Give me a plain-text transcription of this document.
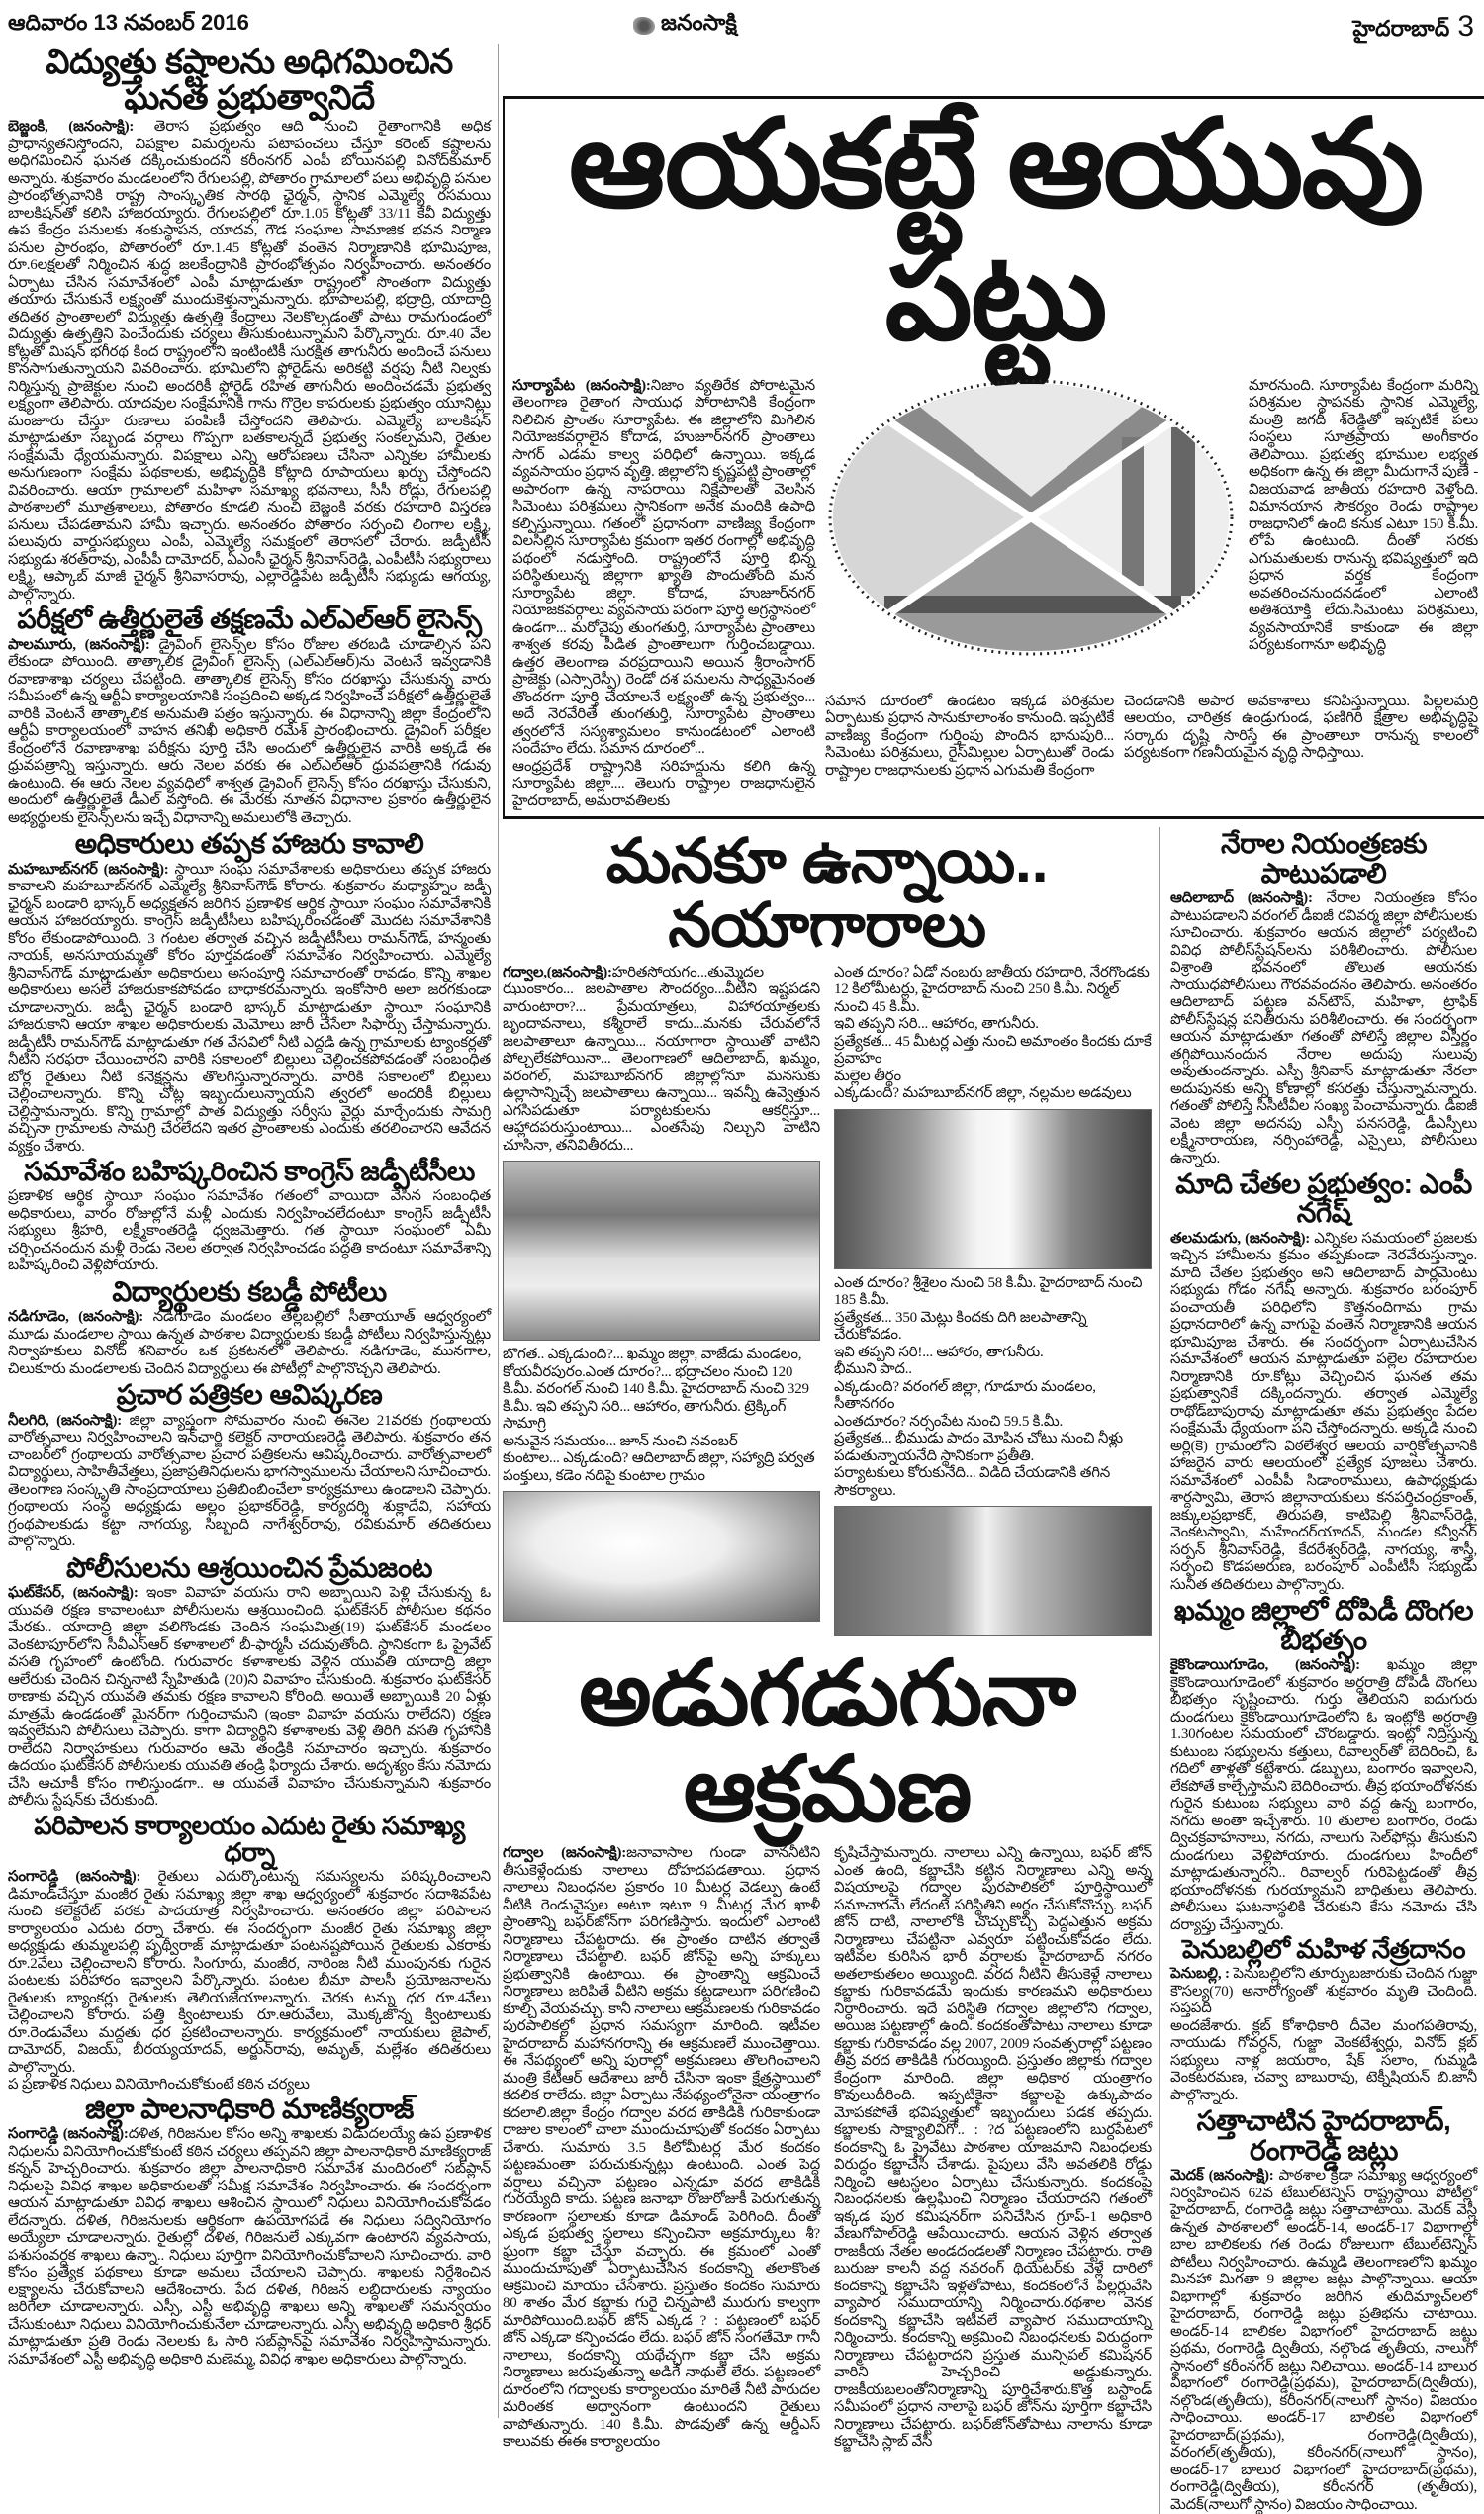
ఆదివారం 13 నవంబర్ 2016	జనంసాక్షి	హైదరాబాద్ 3
విద్యుత్తు కష్టాలను అధిగమించిన ఘనత ప్రభుత్వానిదే

బెజ్జంకి, (జనంసాక్షి): తెరాస ప్రభుత్వం ఆది నుంచి రైతాంగానికి అధిక ప్రాధాన్యతనిస్తోందని, విపక్షాల విమర్శలను పటాపంచలు చేస్తూ కరెంట్ కష్టాలను అధిగమించిన ఘనత దక్కించుకుందని కరీంనగర్ ఎంపీ బోయినపల్లి వినోద్‌కుమార్ అన్నారు. శుక్రవారం మండలంలోని రేగులపల్లి, పోతారం గ్రామాలలో పలు అభివృద్ధి పనుల ప్రారంభోత్సవానికి రాష్ట్ర సాంస్కృతిక సారథి ఛైర్మన్, స్థానిక ఎమ్మెల్యే రసమయి బాలకిషన్‌తో కలిసి హాజరయ్యారు. రేగులపల్లిలో రూ.1.05 కోట్లతో 33/11 కేవీ విద్యుత్తు ఉప కేంద్రం పనులకు శంకుస్థాపన, యాదవ, గౌడ సంఘాల సామాజిక భవన నిర్మాణ పనుల ప్రారంభం, పోతారంలో రూ.1.45 కోట్లతో వంతెన నిర్మాణానికి భూమిపూజ, రూ.6లక్షలతో నిర్మించిన శుద్ధ జలకేంద్రానికి ప్రారంభోత్సవం నిర్వహించారు. అనంతరం ఏర్పాటు చేసిన సమావేశంలో ఎంపీ మాట్లాడుతూ రాష్ట్రంలో సొంతంగా విద్యుత్తు తయారు చేసుకునే లక్ష్యంతో ముందుకెళ్తున్నామన్నారు. భూపాలపల్లి, భద్రాద్రి, యాదాద్రి తదితర ప్రాంతాలలో విద్యుత్తు ఉత్పత్తి కేంద్రాలు నెలకొల్పడంతో పాటు రామగుండంలో విద్యుత్తు ఉత్పత్తిని పెంచేందుకు చర్యలు తీసుకుంటున్నామని పేర్కొన్నారు. రూ.40 వేల కోట్లతో మిషన్ భగీరథ కింద రాష్ట్రంలోని ఇంటింటికీ సురక్షిత తాగునీరు అందించే పనులు కొనసాగుతున్నాయని వివరించారు. భూమిలోని ఫ్లోరైడ్‌ను అరికట్టి వర్షపు నీటి నిల్వకు నిర్మిస్తున్న ప్రాజెక్టుల నుంచి అందరికీ ఫ్లోరైడ్ రహిత తాగునీరు అందించడమే ప్రభుత్వ లక్ష్యంగా తెలిపారు. యాదవుల సంక్షేమానికి గాను గొర్రెల కాపరులకు ప్రభుత్వం యూనిట్లు మంజూరు చేస్తూ రుణాలు పంపిణీ చేస్తోందని తెలిపారు. ఎమ్మెల్యే బాలకిషన్ మాట్లాడుతూ సబ్బండ వర్గాలు గొప్పగా బతకాలన్నదే ప్రభుత్వ సంకల్పమని, రైతుల సంక్షేమమే ధ్యేయమన్నారు. విపక్షాలు ఎన్ని ఆరోపణలు చేసినా ఎన్నికల హామీలకు అనుగుణంగా సంక్షేమ పథకాలకు, అభివృద్ధికి కోట్లాది రూపాయలు ఖర్చు చేస్తోందని వివరించారు. ఆయా గ్రామాలలో మహిళా సమాఖ్య భవనాలు, సీసీ రోడ్లు, రేగులపల్లి పాఠశాలలో మూత్రశాలలు, పోతారం కూడలి నుంచి బెజ్జంకి వరకు రహదారి విస్తరణ పనులు చేపడతామని హామీ ఇచ్చారు. అనంతరం పోతారం సర్పంచి లింగాల లక్ష్మి, పలువురు వార్డుసభ్యులు ఎంపీ, ఎమ్మెల్యే సమక్షంలో తెరాసలో చేరారు. జడ్పీటీసీ సభ్యుడు శరత్‌రావు, ఎంపీపీ దామోదర్, ఏఎంసీ ఛైర్మన్ శ్రీనివాస్‌రెడ్డి, ఎంపీటీసీ సభ్యురాలు లక్ష్మి, ఆప్కాబ్ మాజీ ఛైర్మన్ శ్రీనివాసరావు, ఎల్లారెడ్డిపేట జడ్పీటీసీ సభ్యుడు ఆగయ్య, పాల్గొన్నారు.

పరీక్షలో ఉత్తీర్ణులైతే తక్షణమే ఎల్‌ఎల్‌ఆర్ లైసెన్స్

పాలమూరు, (జనంసాక్షి): డ్రైవింగ్ లైసెన్స్‌ల కోసం రోజుల తరబడి చూడాల్సిన పని లేకుండా పోయింది. తాత్కాలిక డ్రైవింగ్ లైసెన్స్ (ఎల్‌ఎల్‌ఆర్)ను వెంటనే ఇవ్వడానికి రవాణాశాఖ చర్యలు చేపట్టింది. తాత్కాలిక లైసెన్స్ కోసం దరఖాస్తు చేసుకున్న వారు సమీపంలో ఉన్న ఆర్టీఏ కార్యాలయానికి సంప్రదించి అక్కడ నిర్వహించే పరీక్షలో ఉత్తీర్ణులైతే వారికి వెంటనే తాత్కాలిక అనుమతి పత్రం ఇస్తున్నారు. ఈ విధానాన్ని జిల్లా కేంద్రంలోని ఆర్టీఏ కార్యాలయంలో వాహన తనిఖీ అధికారి రమేశ్ ప్రారంభించారు. డ్రైవింగ్ పరీక్షల కేంద్రంలోనే రవాణాశాఖ పరీక్షను పూర్తి చేసి అందులో ఉత్తీర్ణులైన వారికి అక్కడే ఈ ధ్రువపత్రాన్ని ఇస్తున్నారు. ఆరు నెలల వరకు ఈ ఎల్‌ఎల్‌ఆర్ ధ్రువపత్రానికి గడువు ఉంటుంది. ఈ ఆరు నెలల వ్యవధిలో శాశ్వత డ్రైవింగ్ లైసెన్స్ కోసం దరఖాస్తు చేసుకుని, అందులో ఉత్తీర్ణులైతే డీఎల్ వస్తోంది. ఈ మేరకు నూతన విధానాల ప్రకారం ఉత్తీర్ణులైన అభ్యర్థులకు లైసెన్స్‌లను ఇచ్చే విధానాన్ని అమలులోకి తెచ్చారు.

అధికారులు తప్పక హాజరు కావాలి

మహబూబ్‌నగర్ (జనంసాక్షి): స్థాయీ సంఘ సమావేశాలకు అధికారులు తప్పక హాజరు కావాలని మహబూబ్‌నగర్ ఎమ్మెల్యే శ్రీనివాస్‌గౌడ్ కోరారు. శుక్రవారం మధ్యాహ్నం జడ్పీ ఛైర్మన్ బండారి భాస్కర్ అధ్యక్షతన జరిగిన ప్రణాళిక ఆర్థిక స్థాయీ సంఘం సమావేశానికి ఆయన హాజరయ్యారు. కాంగ్రెస్ జడ్పీటీసీలు బహిష్కరించడంతో మొదట సమావేశానికి కోరం లేకుండాపోయింది. 3 గంటల తర్వాత వచ్చిన జడ్పీటీసీలు రామన్‌గౌడ్, హన్మంతు నాయక్, అనసూయమ్మతో కోరం పూర్తవడంతో సమావేశం నిర్వహించారు. ఎమ్మెల్యే శ్రీనివాస్‌గౌడ్ మాట్లాడుతూ అధికారులు అసంపూర్తి సమాచారంతో రావడం, కొన్ని శాఖల అధికారులు అసలే హాజరుకాకపోవడం బాధాకరమన్నారు. ఇంకోసారి అలా జరగకుండా చూడాలన్నారు. జడ్పీ ఛైర్మన్ బండారి భాస్కర్ మాట్లాడుతూ స్థాయీ సంఘానికి హాజరుకాని ఆయా శాఖల అధికారులకు మెమోలు జారీ చేసేలా సిఫార్సు చేస్తామన్నారు. జడ్పీటీసీ రామన్‌గౌడ్ మాట్లాడుతూ గత వేసవిలో నీటి ఎద్దడి ఉన్న గ్రామాలకు ట్యాంకర్లతో నీటిని సరఫరా చేయించారని వారికి సకాలంలో బిల్లులు చెల్లించకపోవడంతో సంబంధిత బోర్ల రైతులు నీటి కనెక్షన్లను తొలగిస్తున్నారన్నారు. వారికి సకాలంలో బిల్లులు చెల్లించాలన్నారు. కొన్ని చోట్ల ఇబ్బందులున్నాయని త్వరలో అందరికీ బిల్లులు చెల్లిస్తామన్నారు. కొన్ని గ్రామాల్లో పాత విద్యుత్తు సర్వీసు వైర్లు మార్చేందుకు సామగ్రి వచ్చినా గ్రామాలకు సామగ్రి చేరలేదని ఇతర ప్రాంతాలకు ఎందుకు తరలించారని ఆవేదన వ్యక్తం చేశారు.

సమావేశం బహిష్కరించిన కాంగ్రెస్ జడ్పీటీసీలు

ప్రణాళిక ఆర్థిక స్థాయీ సంఘం సమావేశం గతంలో వాయిదా వేసిన సంబంధిత అధికారులు, వారం రోజుల్లోనే మళ్లీ ఎందుకు నిర్వహించలేదంటూ కాంగ్రెస్ జడ్పీటీసీ సభ్యులు శ్రీహరి, లక్ష్మీకాంతరెడ్డి ధ్వజమెత్తారు. గత స్థాయీ సంఘంలో ఏమీ చర్చించనందున మళ్లీ రెండు నెలల తర్వాత నిర్వహించడం పద్ధతి కాదంటూ సమావేశాన్ని బహిష్కరించి వెళ్లిపోయారు.

విద్యార్థులకు కబడ్డీ పోటీలు

నడిగూడెం, (జనంసాక్షి): నడిగూడెం మండలం తెల్లబల్లిలో సీతాయూత్ ఆధ్వర్యంలో మూడు మండలాల స్థాయి ఉన్నత పాఠశాల విద్యార్థులకు కబడ్డీ పోటీలు నిర్వహిస్తున్నట్లు నిర్వాహకులు వినోద్ శనివారం ఒక ప్రకటనలో తెలిపారు. నడిగూడెం, మునగాల, చిలుకూరు మండలాలకు చెందిన విద్యార్థులు ఈ పోటీల్లో పాల్గొనొచ్చని తెలిపారు.

ప్రచార పత్రికల ఆవిష్కరణ

నీలగిరి, (జనంసాక్షి): జిల్లా వ్యాప్తంగా సోమవారం నుంచి ఈనెల 21వరకు గ్రంథాలయ వారోత్సవాలు నిర్వహించాలని ఇన్‌ఛార్జి కలెక్టర్ నారాయణరెడ్డి తెలిపారు. శుక్రవారం తన చాంబర్‌లో గ్రంథాలయ వారోత్సవాల ప్రచార పత్రికలను ఆవిష్కరించారు. వారోత్సవాలలో విద్యార్థులు, సాహితీవేత్తలు, ప్రజాప్రతినిధులను భాగస్వాములను చేయాలని సూచించారు. తెలంగాణ సంస్కృతి సాంప్రదాయాలు ప్రతిబింబించేలా కార్యక్రమాలు ఉండాలని చెప్పారు. గ్రంథాలయ సంస్థ అధ్యక్షుడు అల్లం ప్రభాకర్‌రెడ్డి, కార్యదర్శి శుక్లాదేవి, సహాయ గ్రంథపాలకుడు కట్టా నాగయ్య, సిబ్బంది నాగేశ్వర్‌రావు, రవికుమార్ తదితరులు పాల్గొన్నారు.

పోలీసులను ఆశ్రయించిన ప్రేమజంట

ఘట్‌కేసర్, (జనంసాక్షి): ఇంకా వివాహ వయసు రాని అబ్బాయిని పెళ్లి చేసుకున్న ఓ యువతి రక్షణ కావాలంటూ పోలీసులను ఆశ్రయించింది. ఘట్‌కేసర్ పోలీసుల కథనం మేరకు.. యాదాద్రి జిల్లా వలిగొండకు చెందిన సంఘమిత్ర(19) ఘట్‌కేసర్ మండలం వెంకటాపూర్‌లోని సీవీఎస్‌ఆర్ కళాశాలలో బీ-ఫార్మసీ చదువుతోంది. స్థానికంగా ఓ ప్రైవేట్ వసతి గృహంలో ఉంటోంది. గురువారం కళాశాలకు వెళ్లిన యువతి యాదాద్రి జిల్లా ఆలేరుకు చెందిన చిన్ననాటి స్నేహితుడి (20)ని వివాహం చేసుకుంది. శుక్రవారం ఘట్‌కేసర్ ఠాణాకు వచ్చిన యువతి తమకు రక్షణ కావాలని కోరింది. అయితే అబ్బాయికి 20 ఏళ్లు మాత్రమే ఉండడంతో మైనర్‌గా గుర్తించామని (ఇంకా వివాహ వయసు రాలేదని) రక్షణ ఇవ్వలేమని పోలీసులు చెప్పారు. కాగా విద్యార్థిని కళాశాలకు వెళ్లి తిరిగి వసతి గృహానికి రాలేదని నిర్వాహకులు గురువారం ఆమె తండ్రికి సమాచారం ఇచ్చారు. శుక్రవారం ఉదయం ఘట్‌కేసర్ పోలీసులకు యువతి తండ్రి ఫిర్యాదు చేశారు. అదృశ్యం కేసు నమోదు చేసి ఆచూకీ కోసం గాలిస్తుండగా.. ఆ యువతే వివాహం చేసుకున్నామని శుక్రవారం పోలీసు స్టేషన్‌కు చేరుకుంది.

పరిపాలన కార్యాలయం ఎదుట రైతు సమాఖ్య ధర్నా

సంగారెడ్డి (జనంసాక్షి): రైతులు ఎదుర్కొంటున్న సమస్యలను పరిష్కరించాలని డిమాండ్‌చేస్తూ మంజీర రైతు సమాఖ్య జిల్లా శాఖ ఆధ్వర్యంలో శుక్రవారం సదాశివపేట నుంచి కలెక్టరేట్ వరకు పాదయాత్ర నిర్వహించారు. అనంతరం జిల్లా పరిపాలన కార్యాలయం ఎదుట ధర్నా చేశారు. ఈ సందర్భంగా మంజీర రైతు సమాఖ్య జిల్లా అధ్యక్షుడు తుమ్మలపల్లి పృథ్వీరాజ్ మాట్లాడుతూ పంటనష్టపోయిన రైతులకు ఎకరాకు రూ.2వేలు చెల్లించాలని కోరారు. సింగూరు, మంజీర, నారింజ నీటి ముంపునకు గురైన పంటలకు పరిహారం ఇవ్వాలని పేర్కొన్నారు. పంటల బీమా పాలసీ ప్రయోజనాలను రైతులకు బ్యాంకర్లు రైతులకు తెలియజేయాలన్నారు. చెరకు టన్ను ధర రూ.4వేలు చెల్లించాలని కోరారు. పత్తి క్వింటాలుకు రూ.ఆరువేలు, మొక్కజొన్న క్వింటాలుకు రూ.రెండువేలు మద్దతు ధర ప్రకటించాలన్నారు. కార్యక్రమంలో నాయకులు జైపాల్, దామోదర్, విజయ్, బీరయ్యయాదవ్, అర్జున్‌రావు, అమృత్, మల్లేశం తదితరులు పాల్గొన్నారు.

ప ప్రణాళిక నిధులు వినియోగించుకోకుంటే కఠిన చర్యలు

జిల్లా పాలనాధికారి మాణిక్యరాజ్

సంగారెడ్డి (జనంసాక్షి):దళిత, గిరిజనుల కోసం అన్ని శాఖలకు విడుదలయ్యే ఉప ప్రణాళిక నిధులను వినియోగించుకోకుంటే కఠిన చర్యలు తప్పవని జిల్లా పాలనాధికారి మాణిక్యరాజ్ కన్నన్ హెచ్చరించారు. శుక్రవారం జిల్లా పాలనాధికారి సమావేశ మందిరంలో సబ్‌ప్లాన్ నిధులపై వివిధ శాఖల అధికారులతో సమీక్ష సమావేశం నిర్వహించారు. ఈ సందర్భంగా ఆయన మాట్లాడుతూ వివిధ శాఖలు ఆశించిన స్థాయిలో నిధులు వినియోగించుకోవడం లేదన్నారు. దళిత, గిరిజనులకు ఆర్థికంగా ఉపయోగపడే ఈ నిధులు సద్వినియోగం అయ్యేలా చూడాలన్నారు. రైతుల్లో దళిత, గిరిజనులే ఎక్కువగా ఉంటారని వ్యవసాయ, పశుసంవర్ధక శాఖలు ఉన్నా.. నిధులు పూర్తిగా వినియోగించుకోవాలని సూచించారు. వారి కోసం ప్రత్యేక పథకాలు కూడా అమలు చేయాలని చెప్పారు. శాఖలకు నిర్దేశించిన లక్ష్యాలను చేరుకోవాలని ఆదేశించారు. పేద దళిత, గిరిజన లబ్ధిదారులకు న్యాయం జరిగేలా చూడాలన్నారు. ఎస్సీ, ఎస్టీ అభివృద్ధి శాఖలు అన్ని శాఖలతో సమన్వయం చేసుకుంటూ నిధులు వినియోగించుకునేలా చూడాలన్నారు. ఎస్సీ అభివృద్ధి అధికారి శ్రీధర్ మాట్లాడుతూ ప్రతి రెండు నెలలకు ఓ సారి సబ్‌ప్లాన్‌పై సమావేశం నిర్వహిస్తామన్నారు. సమావేశంలో ఎస్టీ అభివృద్ధి అధికారి మణెమ్మ, వివిధ శాఖల అధికారులు పాల్గొన్నారు.

ఆయకట్టే ఆయువు పట్టు

సూర్యాపేట (జనంసాక్షి):నిజాం వ్యతిరేక పోరాటమైన తెలంగాణ రైతాంగ సాయుధ పోరాటానికి కేంద్రంగా నిలిచిన ప్రాంతం సూర్యాపేట. ఈ జిల్లాలోని మిగిలిన నియోజకవర్గాలైన కోదాడ, హుజూర్‌నగర్ ప్రాంతాలు సాగర్ ఎడమ కాల్వ పరిధిలో ఉన్నాయి. ఇక్కడ వ్యవసాయం ప్రధాన వృత్తి. జిల్లాలోని కృష్ణపట్టి ప్రాంతాల్లో అపారంగా ఉన్న నాపరాయి నిక్షేపాలతో వెలసిన సిమెంటు పరిశ్రమలు స్థానికంగా అనేక మందికి ఉపాధి కల్పిస్తున్నాయి. గతంలో ప్రధానంగా వాణిజ్య కేంద్రంగా విలసిల్లిన సూర్యాపేట క్రమంగా ఇతర రంగాల్లో అభివృద్ధి పథంలో నడుస్తోంది. రాష్ట్రంలోనే పూర్తి భిన్న పరిస్థితులున్న జిల్లాగా ఖ్యాతి పొందుతోంది మన సూర్యాపేట జిల్లా. కోదాడ, హుజూర్‌నగర్ నియోజకవర్గాలు వ్యవసాయ పరంగా పూర్తి అగ్రస్థానంలో ఉండగా... మరోవైపు తుంగతుర్తి, సూర్యాపేట ప్రాంతాలు శాశ్వత కరవు పీడిత ప్రాంతాలుగా గుర్తించబడ్డాయి. ఉత్తర తెలంగాణ వరప్రదాయిని అయిన శ్రీరాంసాగర్ ప్రాజెక్టు (ఎస్సారెస్పీ) రెండో దశ పనులను సాధ్యమైనంత తొందరగా పూర్తి చేయాలనే లక్ష్యంతో ఉన్న ప్రభుత్వం... అదే నెరవేరితే తుంగతుర్తి, సూర్యాపేట ప్రాంతాలు త్వరలోనే సస్యశ్యామలం కానుండటంలో ఎలాంటి సందేహం లేదు. సమాన దూరంలో...

ఆంధ్రప్రదేశ్ రాష్ట్రానికి సరిహద్దును కలిగి ఉన్న సూర్యాపేట జిల్లా.... తెలుగు రాష్ట్రాల రాజధానులైన హైదరాబాద్, అమరావతిలకు

మారనుంది. సూర్యాపేట కేంద్రంగా మరిన్ని పరిశ్రమల స్థాపనకు స్థానిక ఎమ్మెల్యే, మంత్రి జగదీ శ్‌రెడ్డితో ఇప్పటికే పలు సంస్థలు సూత్రప్రాయ అంగీకారం తెలిపాయి. ప్రభుత్వ భూముల లభ్యత అధికంగా ఉన్న ఈ జిల్లా మీదుగానే పుణే - విజయవాడ జాతీయ రహదారి వెళ్తోంది. విమానయాన సౌకర్యం రెండు రాష్ట్రాల రాజధానిలో ఉంది కనుక ఎటూ 150 కి.మీ. లోపే ఉంటుంది. దీంతో సరకు ఎగుమతులకు రానున్న భవిష్యత్తులో ఇది ప్రధాన వర్తక కేంద్రంగా అవతరించనుందనడంలో ఎలాంటి అతిశయోక్తి లేదు.సిమెంటు పరిశ్రమలు, వ్యవసాయానికే కాకుండా ఈ జిల్లా పర్యటకంగానూ అభివృద్ధి
సమాన దూరంలో ఉండటం ఇక్కడ పరిశ్రమల ఏర్పాటుకు ప్రధాన సానుకూలాంశం కానుంది. ఇప్పటికే వాణిజ్య కేంద్రంగా గుర్తింపు పొందిన భానుపురి... సిమెంటు పరిశ్రమలు, రైస్‌మిల్లుల ఏర్పాటుతో రెండు రాష్ట్రాల రాజధానులకు ప్రధాన ఎగుమతి కేంద్రంగా
చెందడానికి అపార అవకాశాలు కనిపిస్తున్నాయి. పిల్లలమర్రి ఆలయం, చారిత్రక ఉండ్రుగుండ, ఫణిగిరి క్షేత్రాల అభివృద్ధిపై సర్కారు దృష్టి సారిస్తే ఈ ప్రాంతాలూ రానున్న కాలంలో పర్యటకంగా గణనీయమైన వృద్ధి సాధిస్తాయి.
మనకూ ఉన్నాయి.. నయాగారాలు
గద్వాల,(జనంసాక్షి):హరితసోయగం...తుమ్మెదల ఝుంకారం... జలపాతాల సౌందర్యం...వీటిని ఇష్టపడని వారుంటారా?... ప్రేమయాత్రలు, విహారయాత్రలకు బృందావనాలు, కశ్మీరాలే కాదు...మనకు చేరువలోనే జలపాతాలూ ఉన్నాయి... నయాగారా స్థాయితో వాటిని పోల్చలేకపోయినా... తెలంగాణలో ఆదిలాబాద్, ఖమ్మం, వరంగల్, మహబూబ్‌నగర్ జిల్లాల్లోనూ మనసుకు ఉల్లాసాన్నిచ్చే జలపాతాలు ఉన్నాయి... ఇవన్నీ ఉవ్వెత్తున ఎగసిపడుతూ పర్యాటకులను ఆకర్షిస్తూ... ఆహ్లాదపరుస్తుంటాయి... ఎంతసేపు నిల్చుని వాటిని చూసినా, తనివితీరదు...

బొగత.. ఎక్కడుంది?... ఖమ్మం జిల్లా, వాజేడు మండలం, కోయవీరపురం.ఎంత దూరం?... భద్రాచలం నుంచి 120 కి.మీ. వరంగల్ నుంచి 140 కి.మీ. హైదరాబాద్ నుంచి 329 కి.మీ. ఇవి తప్పని సరి... ఆహారం, తాగునీరు. ట్రెక్కింగ్ సామాగ్రి

అనువైన సమయం... జూన్ నుంచి నవంబర్

కుంటాల... ఎక్కడుంది? ఆదిలాబాద్ జిల్లా, సహ్యాద్రి పర్వత పంక్తులు, కడెం నదిపై కుంటాల గ్రామం

ఎంత దూరం? ఏడో నంబరు జాతీయ రహదారి, నేరగొండకు 12 కిలోమీటర్లు, హైదరాబాద్ నుంచి 250 కి.మీ. నిర్మల్ నుంచి 45 కి.మీ.

ఇవి తప్పని సరి... ఆహారం, తాగునీరు.

ప్రత్యేకత... 45 మీటర్ల ఎత్తు నుంచి అమాంతం కిందకు దూకే ప్రవాహం

మల్లెల తీర్థం

ఎక్కడుంది? మహబూబ్‌నగర్ జిల్లా, నల్లమల అడవులు

ఎంత దూరం? శ్రీశైలం నుంచి 58 కి.మీ. హైదరాబాద్ నుంచి 185 కి.మీ.

ప్రత్యేకత... 350 మెట్లు కిందకు దిగి జలపాతాన్ని చేరుకోవడం.

ఇవి తప్పని సరి!... ఆహారం, తాగునీరు.

భీముని పాద..

ఎక్కడుంది? వరంగల్ జిల్లా, గూడూరు మండలం, సీతానగరం

ఎంతదూరం? నర్సంపేట నుంచి 59.5 కి.మీ.

ప్రత్యేకత... భీముడు పాదం మోపిన చోటు నుంచి నీళ్లు పడుతున్నాయనేది స్థానికంగా ప్రతీతి.

పర్యాటకులు కోరుకునేది... విడిది చేయడానికి తగిన సౌకర్యాలు.

అడుగడుగునా ఆక్రమణ
గద్వాల (జనంసాక్షి):జనావాసాల గుండా వాననీటిని తీసుకెళ్లేందుకు నాలాలు దోహదపడతాయి. ప్రధాన నాలాలు నిబంధనల ప్రకారం 10 మీటర్ల వెడల్పు ఉంటే వీటికి రెండువైపుల అటూ ఇటూ 9 మీటర్ల మేర ఖాళీ ప్రాంతాన్ని బఫర్‌జోన్‌గా పరిగణిస్తారు. ఇందులో ఎలాంటి నిర్మాణాలు చేపట్టరాదు. ఈ ప్రాంతం దాటిన తర్వాతే నిర్మాణాలు చేపట్టాలి. బఫర్ జోన్‌పై అన్ని హక్కులు ప్రభుత్వానికి ఉంటాయి. ఈ ప్రాంతాన్ని ఆక్రమించే నిర్మాణాలు జరిపితే వీటిని అక్రమ కట్టడాలుగా పరిగణించి కూల్చి వేయవచ్చు. కానీ నాలాలు ఆక్రమణలకు గురికావడం పురపాలికల్లో ప్రధాన సమస్యగా మారింది. ఇటీవల హైదరాబాద్ మహానగరాన్ని ఈ ఆక్రమణలే ముంచెత్తాయి. ఈ నేపథ్యంలో అన్ని పురాల్లో అక్రమణలు తొలగించాలని మంత్రి కేటీఆర్ ఆదేశాలు జారీ చేసినా ఇంకా క్షేత్రస్థాయిలో కదలిక రాలేదు. జిల్లా ఏర్పాటు నేపథ్యంలోనైనా యంత్రాగం కదలాలి.జిల్లా కేంద్రం గద్వాల వరద తాకిడికి గురికాకుండా రాజుల కాలంలో చాలా ముందుచూపుతో కందకం ఏర్పాటు చేశారు. సుమారు 3.5 కిలోమీటర్ల మేర కందకం పట్టణమంతా పరుచుకున్నట్లు ఉంటుంది. ఎంత పెద్ద వర్షాలు వచ్చినా పట్టణం ఎన్నడూ వరద తాకిడికి గురయ్యేది కాదు. పట్టణ జనాభా రోజురోజుకీ పెరుగుతున్న కారణంగా స్థలాలకు కూడా డిమాండ్ పెరిగింది. దీంతో ఎక్కడ ప్రభుత్వ స్థలాలు కన్పించినా అక్రమార్కులు శీ?ఘ్రంగా కబ్జా చేస్తూ వచ్చారు. ఈ క్రమంలో ఎంతో ముందుచూపుతో ఏర్పాటుచేసిన కందకాన్ని తలాకొంత ఆక్రమించి మాయం చేసేశారు. ప్రస్తుతం కందకం సుమారు 80 శాతం మేర కబ్జాకు గురై చిన్నపాటి మురుగు కాల్వగా మారిపోయింది.బఫర్ జోన్ ఎక్కడ ? : పట్టణంలో బఫర్ జోన్ ఎక్కడా కన్పించడం లేదు. బఫర్ జోన్ సంగతేమో గానీ నాలాలు, కందకాన్ని యథేచ్ఛగా కబ్జా చేసి అక్రమ నిర్మాణాలు జరుపుతున్నా అడిగే నాథులే లేరు. పట్టణంలో దూరంలోని గద్వాలకు కార్యాలయం మారితే నీటి పారుదల మరింతక అధ్వానంగా ఉంటుందని రైతులు వాపోతున్నారు. 140 కి.మీ. పొడవుతో ఉన్న ఆర్డీఎస్ కాలువకు ఈఈ కార్యాలయం
కృషిచేస్తామన్నారు. నాలాలు ఎన్ని ఉన్నాయి, బఫర్ జోన్ ఎంత ఉంది, కబ్జాచేసి కట్టిన నిర్మాణాలు ఎన్ని అన్న విషయాలపై గద్వాల పురపాలికలో పూర్తిస్థాయిలో సమాచారమే లేదంటే పరిస్థితిని అర్థం చేసుకోవొచ్చు. బఫర్ జోన్ దాటి, నాలాలోకి చొచ్చుకొచ్చి పెద్దఎత్తున అక్రమ నిర్మాణాలు చేపట్టినా ఎవ్వరూ పట్టించుకోవడం లేదు. ఇటీవల కురిసిన భారీ వర్షాలకు హైదరాబాద్ నగరం అతలాకుతలం అయ్యింది. వరద నీటిని తీసుకెళ్లే నాలాలు కబ్జాకు గురికావడమే ఇందుకు కారణమని అధికారులు నిర్ధారించారు. ఇదే పరిస్థితి గద్వాల జిల్లాలోని గద్వాల, అయిజ పట్టణాల్లో ఉంది. కందకంతోపాటు నాలాలు కూడా కబ్జాకు గురికావడం వల్ల 2007, 2009 సంవత్సరాల్లో పట్టణం తీవ్ర వరద తాకిడికి గురయ్యింది. ప్రస్తుతం జిల్లాకు గద్వాల కేంద్రంగా మారింది. జిల్లా అధికార యంత్రాగం కొవులుదీరింది. ఇప్పటికైనా కబ్జాలపై ఉక్కుపాదం మోపకపోతే భవిష్యత్తులో ఇబ్బందులు పడక తప్పదు. కబ్జాలకు సాక్ష్యాలివిగో.. : ?ద పట్టణంలోని బుర్దపేటలో కందకాన్ని ఓ ప్రైవేటు పాఠశాల యాజమాని నిబంధలకు విరుద్ధం కబ్జాచేసి చేశాడు. పైపులు వేసి అవతలికి రోడ్డు నిర్మించి ఆటస్థలం ఏర్పాటు చేసుకున్నారు. కందకంపై నిబంధనలకు ఉల్లఘించి నిర్మాణం చేయరాదని గతంలో ఇక్కడ పుర కమిషనర్‌గా పనిచేసిన గ్రూప్-1 అధికారి వేణుగోపాల్‌రెడ్డి ఆపేయించారు. ఆయన వెళ్లిన తర్వాత రాజకీయ నేతల అండదండలతో నిర్మాణం చేపట్టారు. రాతి బురుజు కాలనీ వద్ద నవరంగ్ థియేటర్‌కు వెళ్లే దారిలో కందకాన్ని కబ్జాచేసి ఇళ్లతోపాటు, కందకంలోనే పిల్లర్లువేసి వ్యాపార సముదాయాన్ని నిర్మించారు.రథశాల వెనక కందకాన్ని కబ్జాచేసి ఇటీవలే వ్యాపార సముదాయాన్ని నిర్మించారు. కందకాన్ని అక్రమించి నిబంధనలకు విరుద్ధంగా నిర్మాణాలు చేపట్టరాదని ప్రస్తుత మున్సిపల్ కమిషనర్ వారిని హెచ్చరించి అడ్డుకున్నారు. రాజకీయబలంతోనిర్మాణాన్ని పూర్తిచేశారు.కొత్త బస్టాండ్ సమీపంలో ప్రధాన నాలాపై బఫర్ జోన్‌ను పూర్తిగా కబ్జాచేసి నిర్మాణాలు చేపట్టారు. బఫర్‌జోన్‌తోపాటు నాలాను కూడా కబ్జాచేసి స్లాబ్ వేసి
నేరాల నియంత్రణకు పాటుపడాలి

ఆదిలాబాద్ (జనంసాక్షి): నేరాల నియంత్రణ కోసం పాటుపడాలని వరంగల్ డీఐజీ రవివర్మ జిల్లా పోలీసులకు సూచించారు. శుక్రవారం ఆయన జిల్లాలో పర్యటించి వివిధ పోలీస్‌స్టేషన్‌లను పరిశీలించారు. పోలీసుల విశ్రాంతి భవనంలో తొలుత ఆయనకు సాయుధపోలీసులు గౌరవవందనం తెలిపారు. అనంతరం ఆదిలాబాద్ పట్టణ వన్‌టౌన్, మహిళా, ట్రాఫిక్ పోలీస్‌స్టేషన్ల పనితీరును పరిశీలించారు. ఈ సందర్భంగా ఆయన మాట్లాడుతూ గతంతో పోలిస్తే జిల్లాల విస్తీర్ణం తగ్గిపోయినందున నేరాల అదుపు సులువు అవుతుందన్నారు. ఎస్పీ శ్రీనివాస్ మాట్లాడుతూ నేరలా అదుపునకు అన్ని కోణాల్లో కసరత్తు చేస్తున్నామన్నారు. గతంతో పోలిస్తే సీసీటీవీల సంఖ్య పెంచామన్నారు. డీఐజీ వెంట జిల్లా అదనపు ఎస్పీ పనసరెడ్డి, డీఎస్పీలు లక్ష్మీనారాయణ, నర్సింహారెడ్డి, ఎస్సైలు, పోలీసులు ఉన్నారు.

మాది చేతల ప్రభుత్వం: ఎంపీ నగేష్

తలమడుగు, (జనంసాక్షి): ఎన్నికల సమయంలో ప్రజలకు ఇచ్చిన హామీలను క్రమం తప్పకుండా నెరవేరుస్తున్నాం. మాది చేతల ప్రభుత్వం అని ఆదిలాబాద్ పార్లమెంటు సభ్యుడు గోడం నగేష్ అన్నారు. శుక్రవారం బరంపూర్ పంచాయతీ పరిధిలోని కొత్తనందిగామ గ్రామ ప్రధానదారిలో ఉన్న వాగుపై వంతెన నిర్మాణానికి ఆయన భూమిపూజ చేశారు. ఈ సందర్భంగా ఏర్పాటుచేసిన సమావేశంలో ఆయన మాట్లాడుతూ పల్లెల రహదారుల నిర్మాణానికి రూ.కోట్లు వెచ్చించిన ఘనత తమ ప్రభుత్వానికే దక్కిందన్నారు. తర్వాత ఎమ్మెల్యే రాథోడ్‌బాపురావు మాట్లాడుతూ తమ ప్రభుత్వం పేదల సంక్షేమమే ధ్యేయంగా పని చేస్తోందన్నారు. అక్కడి నుంచి అర్లి(కె) గ్రామంలోని విఠలేశ్వర ఆలయ వార్షికోత్సవానికి హాజరైన వారు ఆలయంలో ప్రత్యేక పూజలు చేశారు. సమావేశంలో ఎంపీపీ సిడాంరాములు, ఉపాధ్యక్షుడు శార్దస్వామి, తెరాస జిల్లానాయకులు కనపర్తిచంద్రకాంత్, జక్కులప్రభాకర్, తిరుపతి, కాటిపెల్లి శ్రీనివాస్‌రెడ్డి, వెంకటస్వామి, మహేందర్‌యాదవ్, మండల కన్వీనర్ సర్పన్ శ్రీనివాస్‌రెడ్డి, కేదరేశ్వర్‌రెడ్డి, నాగయ్య, శాస్త్రీ, సర్పంచి కొడపఅరుణ, బరంపూర్ ఎంపీటీసీ సభ్యుడు సునీత తదితరులు పాల్గొన్నారు.

ఖమ్మం జిల్లాలో దోపిడీ దొంగల బీభత్సం

కైకొండాయిగూడెం, (జనంసాక్షి): ఖమ్మం జిల్లా కైకొండాయిగూడెంలో శుక్రవారం అర్ధరాత్రి దోపిడీ దొంగలు బీభత్సం సృష్టించారు. గుర్తు తెలియని ఐదుగురు దుండగులు కైకొండాయిగూడెంలోని ఓ ఇంట్లోకి అర్ధరాత్రి 1.30గంటల సమయంలో చొరబడ్డారు. ఇంట్లో నిద్రిస్తున్న కుటుంబ సభ్యులను కత్తులు, రివాల్వర్‌తో బెదిరించి, ఓ గదిలో తాళ్లతో కట్టేశారు. డబ్బులు, బంగారం ఇవ్వాలని, లేకపోతే కాల్చేస్తామని బెదిరించారు. తీవ్ర భయాందోళనకు గురైన కుటుంబ సభ్యులు వారి వద్ద ఉన్న బంగారం, నగదు అంతా ఇచ్చేశారు. 10 తులాల బంగారం, రెండు ద్విచక్రవాహనాలు, నగదు, నాలుగు సెల్‌ఫోన్లు తీసుకుని దుండగులు వెళ్లిపోయారు. దుండగులు హిందీలో మాట్లాడుతున్నారని.. రివాల్వర్ గురిపెట్టడంతో తీవ్ర భయాందోళనకు గురయ్యామని బాధితులు తెలిపారు. పోలీసులు ఘటనాస్థలికి చేరుకుని కేసు నమోదు చేసి దర్యాప్తు చేస్తున్నారు.

పెనుబల్లిలో మహిళ నేత్రదానం

పెనుబల్లి, : పెనుబల్లిలోని తూర్పుబజారుకు చెందిన గుజ్జా కౌసల్య(70) అనారోగ్యంతో శుక్రవారం మృతి చెందింది. సప్తపది

అందజేశారు. క్లబ్ కోశాధికారి దీవెల మంగపతిరావు, నాయుడు గోవర్ధన్, గుజ్జా వెంకటేశ్వర్లు, వినోద్ క్లబ్ సభ్యులు నాళ్ల జయరాం, షేక్ సలాం, గుమ్మడి వెంకటరమణ, చవ్వా బాబురావు, టెక్నీషియన్ బి.జానీ పాల్గొన్నారు.

సత్తాచాటిన హైదరాబాద్, రంగారెడ్డి జట్లు

మెదక్ (జనంసాక్షి): పాఠశాల క్రీడా సమాఖ్య ఆధ్వర్యంలో నిర్వహించిన 62వ టేబుల్‌టెన్నిస్ రాష్ట్రస్థాయి పోటీల్లో హైదరాబాద్, రంగారెడ్డి జట్లు సత్తాచాటాయి. మెదక్ వెస్లీ ఉన్నత పాఠశాలలో అండర్-14, అండర్-17 విభాగాల్లో బాల బాలికలకు గత రెండు రోజులుగా టేబుల్‌టెన్నిస్ పోటీలు నిర్వహించారు. ఉమ్మడి తెలంగాణలోని ఖమ్మం మినహా మిగతా 9 జిల్లాల జట్లు పాల్గొన్నాయి. ఆయా విభాగాల్లో శుక్రవారం జరిగిన తుదిమ్యాచ్‌లలో హైదరాబాద్, రంగారెడ్డి జట్లు ప్రతిభను చాటాయి. అండర్-14 బాలికల విభాగంలో హైదరాబాద్ జట్టు ప్రథమ, రంగారెడ్డి ద్వితీయ, నల్గొండ తృతీయ, నాలుగో స్థానంలో కరీంనగర్ జట్లు నిలిచాయి. అండర్-14 బాలుర విభాగంలో రంగారెడ్డి(ప్రథమ), హైదరాబాద్(ద్వితీయ), నల్గొండ(తృతీయ), కరీంనగర్(నాలుగో స్థానం) విజయం సాధించాయి. అండర్-17 బాలికల విభాగంలో హైదరాబాద్(ప్రథమ), రంగారెడ్డి(ద్వితీయ), వరంగల్(తృతీయ), కరీంనగర్(నాలుగో స్థానం), అండర్-17 బాలుర విభాగంలో హైదరాబాద్(ప్రథమ), రంగారెడ్డి(ద్వితీయ), కరీంనగర్ (తృతీయ), మెదక్(నాలుగో స్థానం) విజయం సాధించాయి.
